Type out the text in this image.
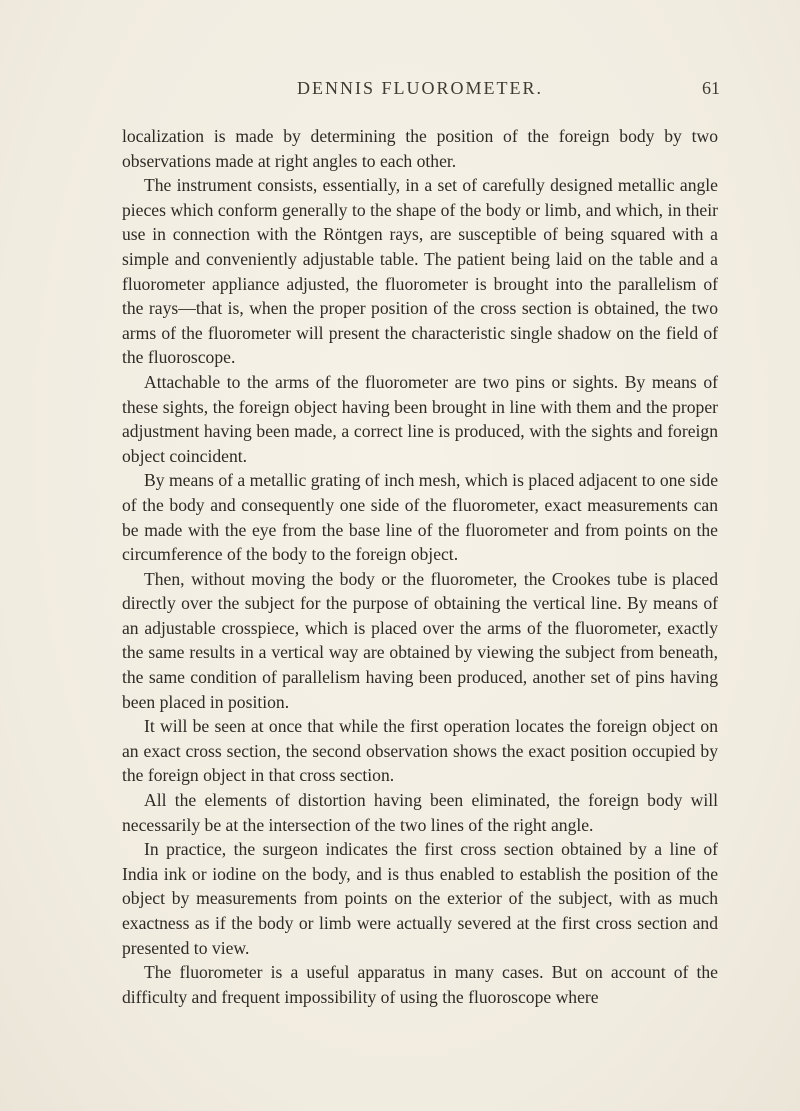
DENNIS FLUOROMETER.	61

localization is made by determining the position of the foreign body by two observations made at right angles to each other.

The instrument consists, essentially, in a set of carefully designed metallic angle pieces which conform generally to the shape of the body or limb, and which, in their use in connection with the Röntgen rays, are susceptible of being squared with a simple and conveniently adjustable table. The patient being laid on the table and a fluorometer appliance adjusted, the fluorometer is brought into the parallelism of the rays—that is, when the proper position of the cross section is obtained, the two arms of the fluorometer will present the characteristic single shadow on the field of the fluoroscope.

Attachable to the arms of the fluorometer are two pins or sights. By means of these sights, the foreign object having been brought in line with them and the proper adjustment having been made, a correct line is produced, with the sights and foreign object coincident.

By means of a metallic grating of inch mesh, which is placed adjacent to one side of the body and consequently one side of the fluorometer, exact measurements can be made with the eye from the base line of the fluorometer and from points on the circumference of the body to the foreign object.

Then, without moving the body or the fluorometer, the Crookes tube is placed directly over the subject for the purpose of obtaining the vertical line. By means of an adjustable crosspiece, which is placed over the arms of the fluorometer, exactly the same results in a vertical way are obtained by viewing the subject from beneath, the same condition of parallelism having been produced, another set of pins having been placed in position.

It will be seen at once that while the first operation locates the foreign object on an exact cross section, the second observation shows the exact position occupied by the foreign object in that cross section.

All the elements of distortion having been eliminated, the foreign body will necessarily be at the intersection of the two lines of the right angle.

In practice, the surgeon indicates the first cross section obtained by a line of India ink or iodine on the body, and is thus enabled to establish the position of the object by measurements from points on the exterior of the subject, with as much exactness as if the body or limb were actually severed at the first cross section and presented to view.

The fluorometer is a useful apparatus in many cases. But on account of the difficulty and frequent impossibility of using the fluoroscope where
